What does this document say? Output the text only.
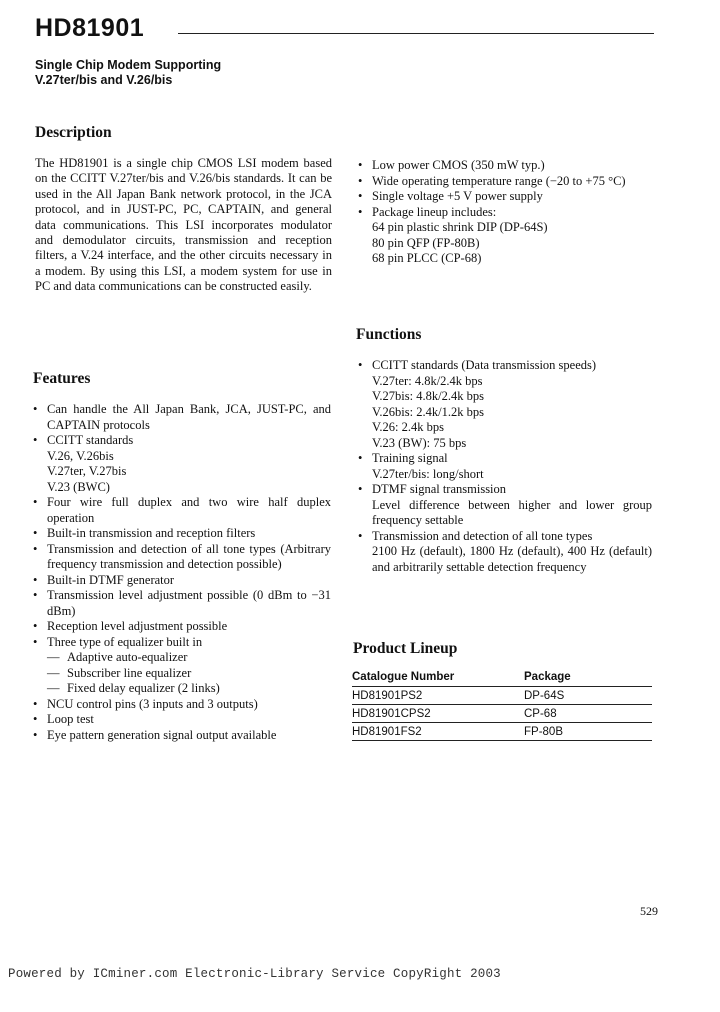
HD81901
Single Chip Modem Supporting
V.27ter/bis and V.26/bis
Description
The HD81901 is a single chip CMOS LSI modem based on the CCITT V.27ter/bis and V.26/bis standards. It can be used in the All Japan Bank network protocol, in the JCA protocol, and in JUST-PC, PC, CAPTAIN, and general data communications. This LSI incorporates modulator and demodulator circuits, transmission and reception filters, a V.24 interface, and the other circuits necessary in a modem. By using this LSI, a modem system for use in PC and data communications can be constructed easily.
Features
• Can handle the All Japan Bank, JCA, JUST-PC, and CAPTAIN protocols
• CCITT standards
V.26, V.26bis
V.27ter, V.27bis
V.23 (BWC)
• Four wire full duplex and two wire half duplex operation
• Built-in transmission and reception filters
• Transmission and detection of all tone types (Arbitrary frequency transmission and detection possible)
• Built-in DTMF generator
• Transmission level adjustment possible (0 dBm to −31 dBm)
• Reception level adjustment possible
• Three type of equalizer built in
— Adaptive auto-equalizer
— Subscriber line equalizer
— Fixed delay equalizer (2 links)
• NCU control pins (3 inputs and 3 outputs)
• Loop test
• Eye pattern generation signal output available
• Low power CMOS (350 mW typ.)
• Wide operating temperature range (−20 to +75 °C)
• Single voltage +5 V power supply
• Package lineup includes:
64 pin plastic shrink DIP (DP-64S)
80 pin QFP (FP-80B)
68 pin PLCC (CP-68)
Functions
• CCITT standards (Data transmission speeds)
V.27ter: 4.8k/2.4k bps
V.27bis: 4.8k/2.4k bps
V.26bis: 2.4k/1.2k bps
V.26: 2.4k bps
V.23 (BW): 75 bps
• Training signal
V.27ter/bis: long/short
• DTMF signal transmission
Level difference between higher and lower group frequency settable
• Transmission and detection of all tone types
2100 Hz (default), 1800 Hz (default), 400 Hz (default) and arbitrarily settable detection frequency
Product Lineup
Catalogue Number	Package
HD81901PS2	DP-64S
HD81901CPS2	CP-68
HD81901FS2	FP-80B
529
Powered by ICminer.com Electronic-Library Service CopyRight 2003
